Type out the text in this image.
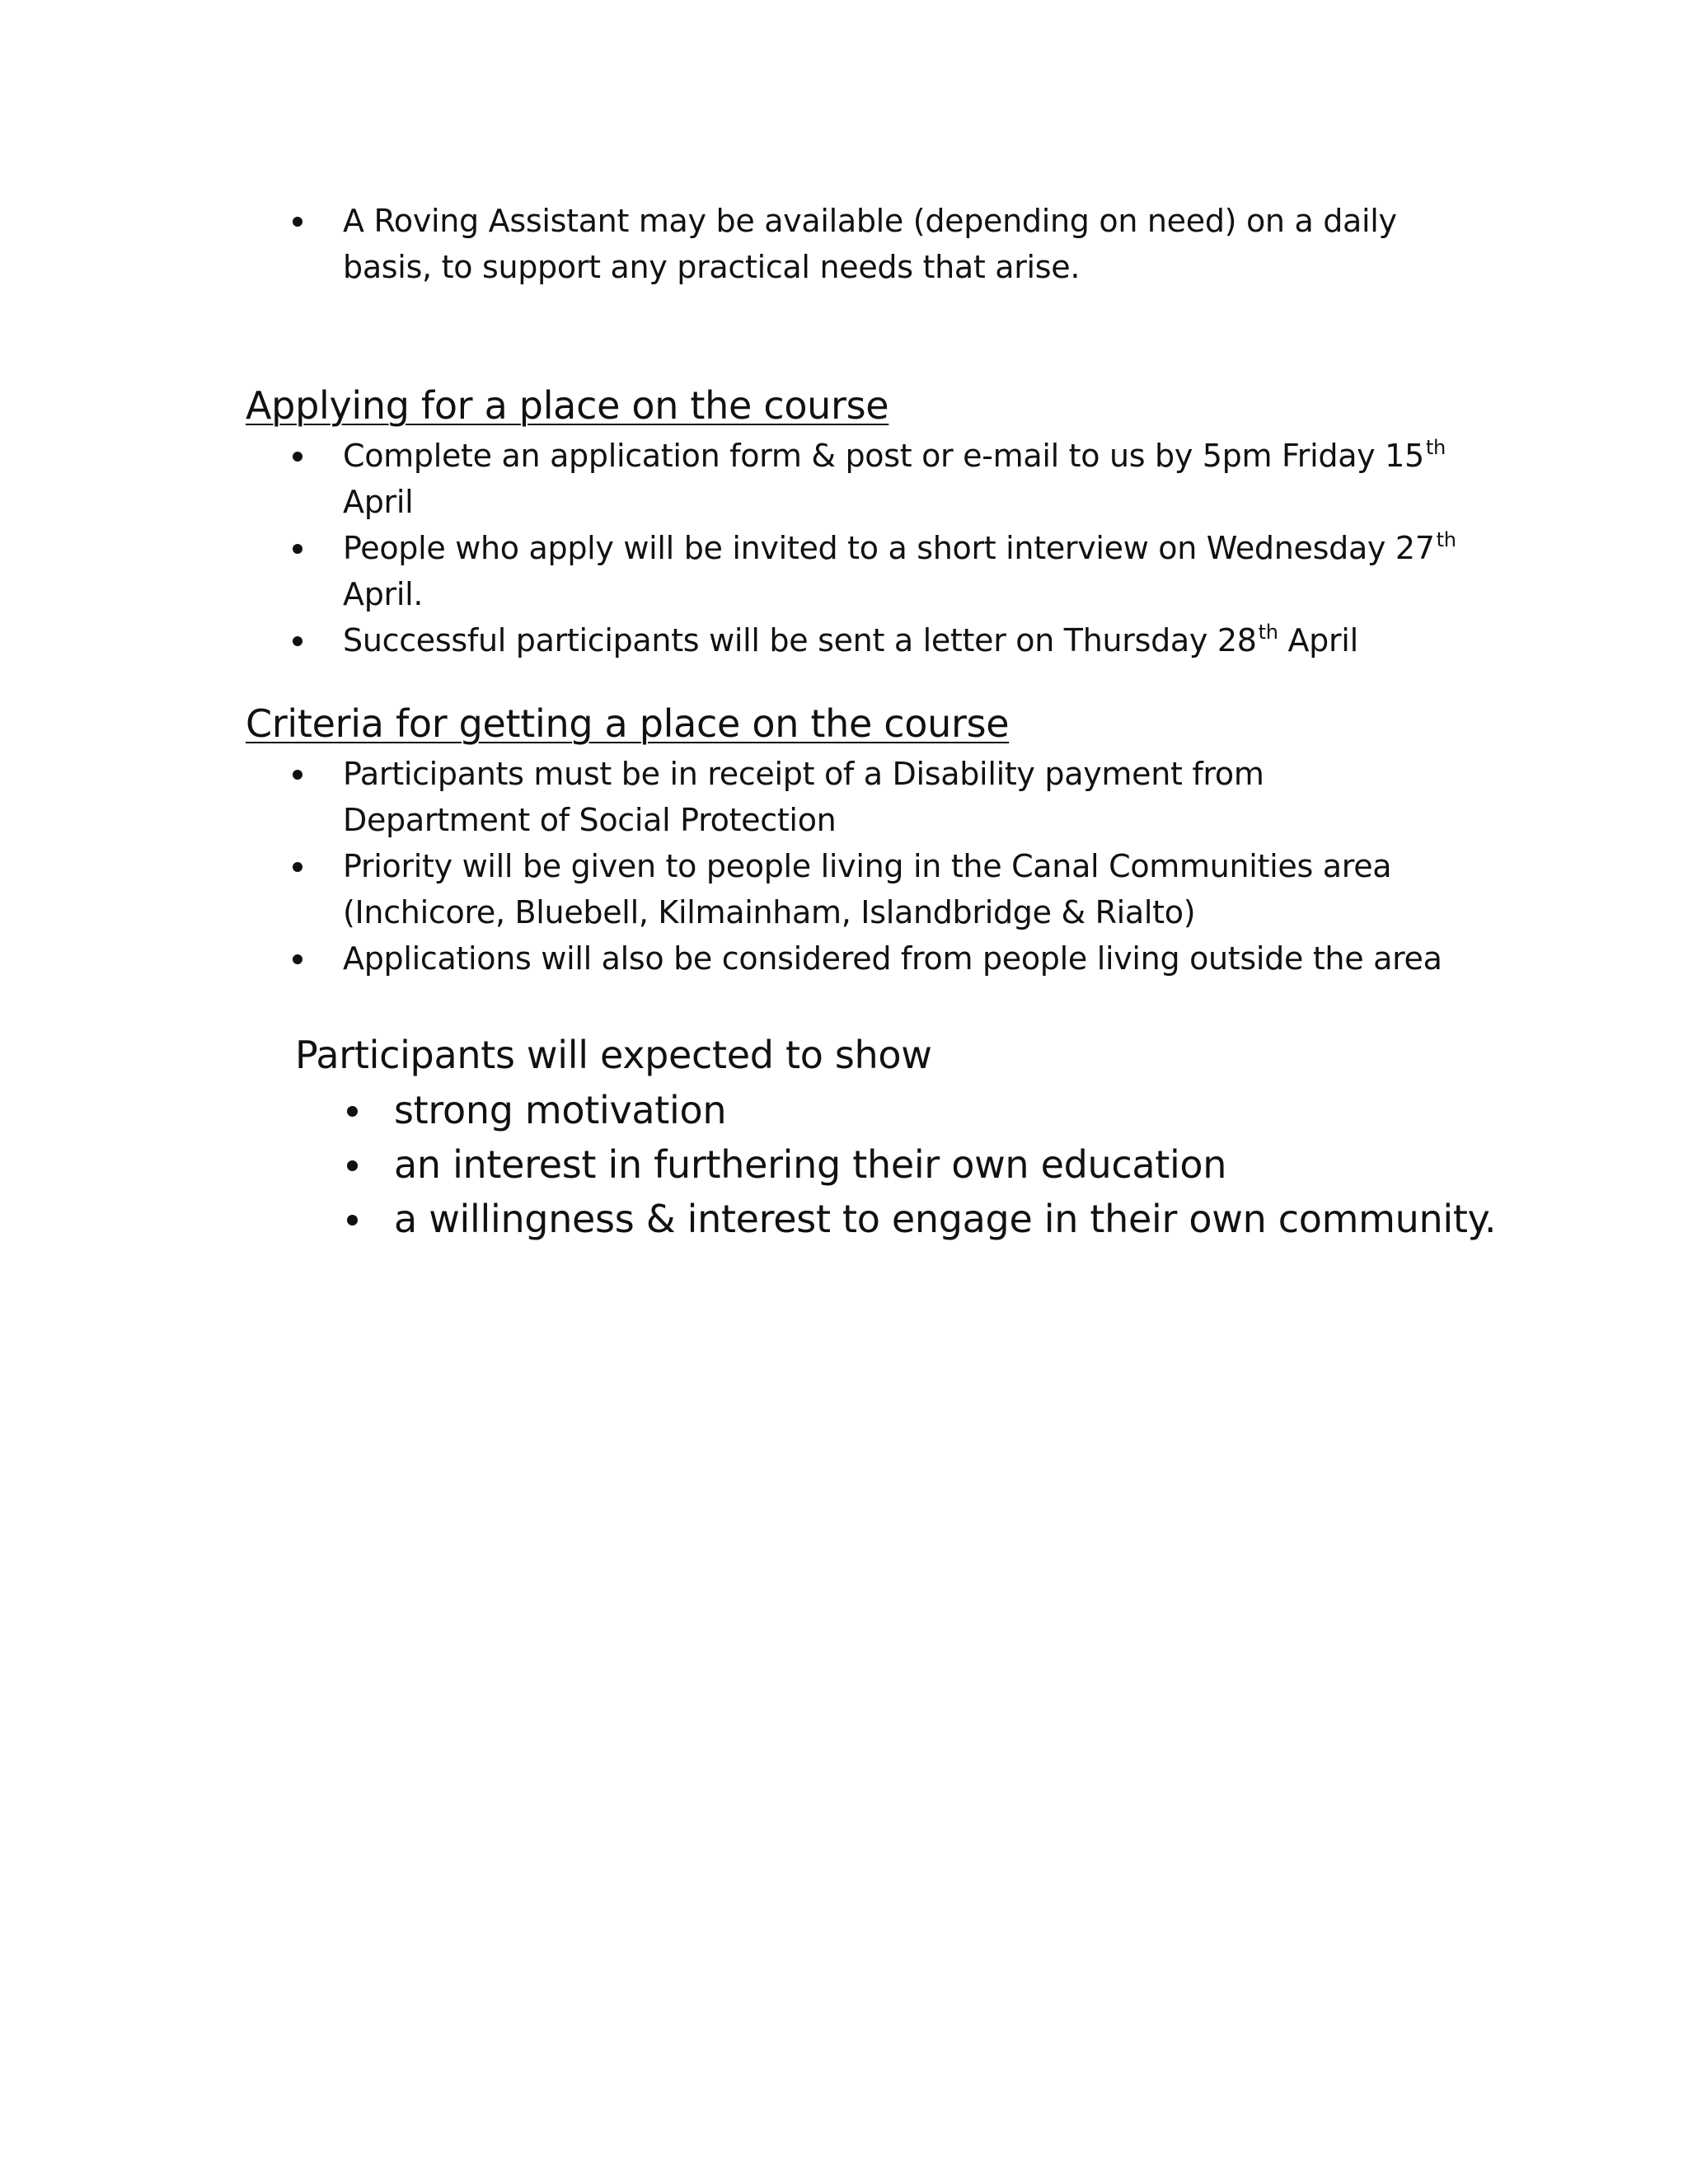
A Roving Assistant may be available (depending on need) on a daily
basis, to support any practical needs that arise.
Applying for a place on the course
Complete an application form & post or e-mail to us by 5pm Friday 15th
April
People who apply will be invited to a short interview on Wednesday 27th April.
Successful participants will be sent a letter on Thursday 28th April
Criteria for getting a place on the course
Participants must be in receipt of a Disability payment from Department of Social Protection
Priority will be given to people living in the Canal Communities area (Inchicore, Bluebell, Kilmainham, Islandbridge & Rialto)
Applications will also be considered from people living outside the area
Participants will expected to show
strong motivation
an interest in furthering their own education
a willingness & interest to engage in their own community.
